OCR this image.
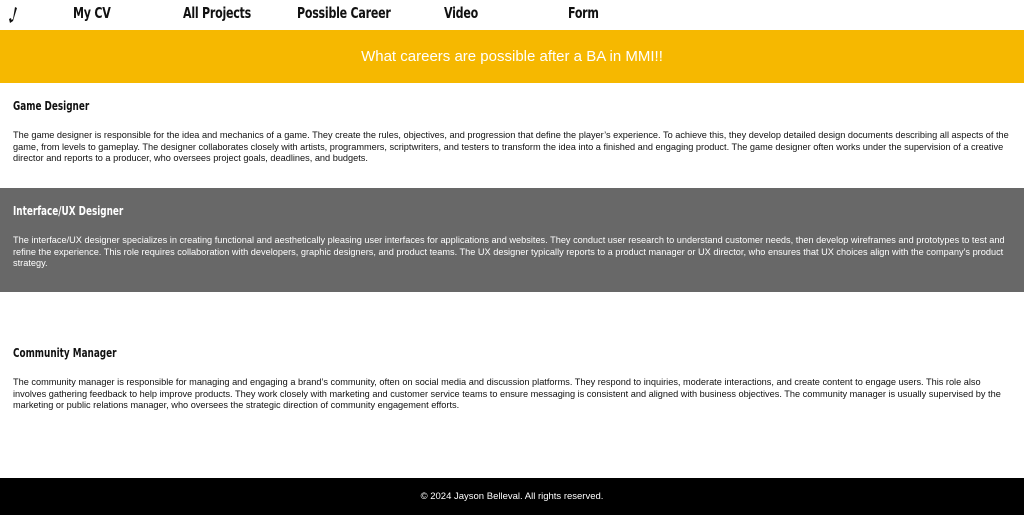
My CV	All Projects	Possible Career	Video	Form
What careers are possible after a BA in MMI!!
Game Designer
The game designer is responsible for the idea and mechanics of a game. They create the rules, objectives, and progression that define the player’s experience. To achieve this, they develop detailed design documents describing all aspects of the game, from levels to gameplay. The designer collaborates closely with artists, programmers, scriptwriters, and testers to transform the idea into a finished and engaging product. The game designer often works under the supervision of a creative director and reports to a producer, who oversees project goals, deadlines, and budgets.
Interface/UX Designer
The interface/UX designer specializes in creating functional and aesthetically pleasing user interfaces for applications and websites. They conduct user research to understand customer needs, then develop wireframes and prototypes to test and refine the experience. This role requires collaboration with developers, graphic designers, and product teams. The UX designer typically reports to a product manager or UX director, who ensures that UX choices align with the company’s product strategy.
Community Manager
The community manager is responsible for managing and engaging a brand’s community, often on social media and discussion platforms. They respond to inquiries, moderate interactions, and create content to engage users. This role also involves gathering feedback to help improve products. They work closely with marketing and customer service teams to ensure messaging is consistent and aligned with business objectives. The community manager is usually supervised by the marketing or public relations manager, who oversees the strategic direction of community engagement efforts.
© 2024 Jayson Belleval. All rights reserved.
